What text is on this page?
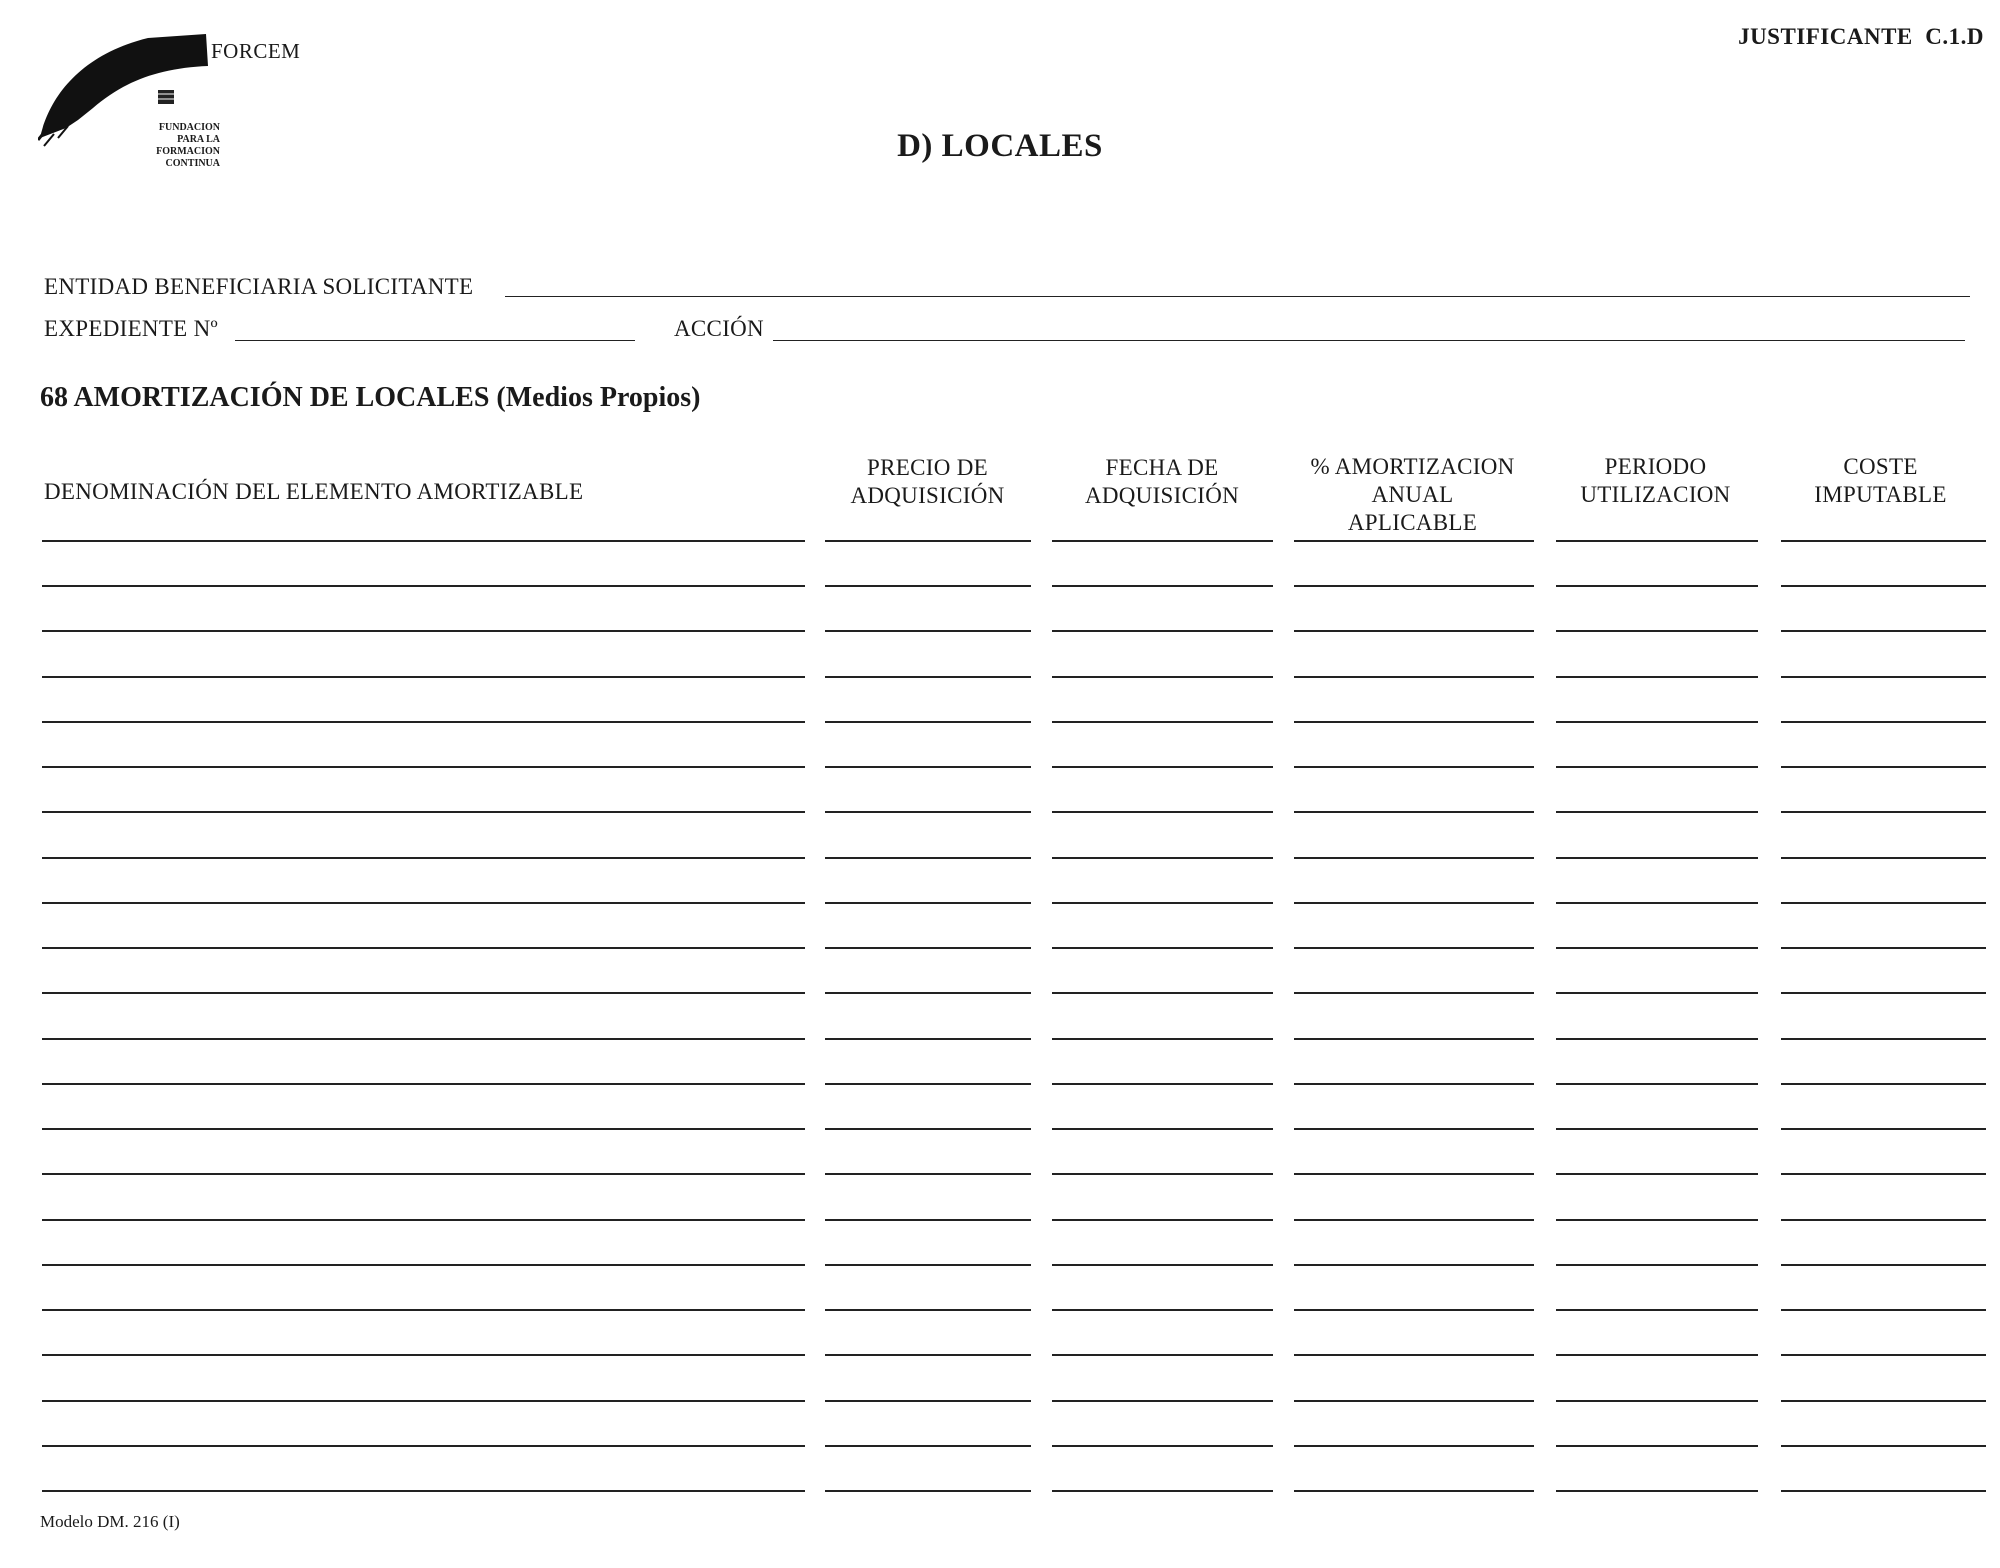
FORCEM
FUNDACION
PARA LA
FORMACION
CONTINUA
JUSTIFICANTE  C.1.D
D) LOCALES
ENTIDAD BENEFICIARIA SOLICITANTE
EXPEDIENTE Nº	ACCIÓN
68 AMORTIZACIÓN DE LOCALES (Medios Propios)
DENOMINACIÓN DEL ELEMENTO AMORTIZABLE
PRECIO DE
ADQUISICIÓN
FECHA DE
ADQUISICIÓN
% AMORTIZACION
ANUAL
APLICABLE
PERIODO
UTILIZACION
COSTE
IMPUTABLE
Modelo DM. 216 (I)
